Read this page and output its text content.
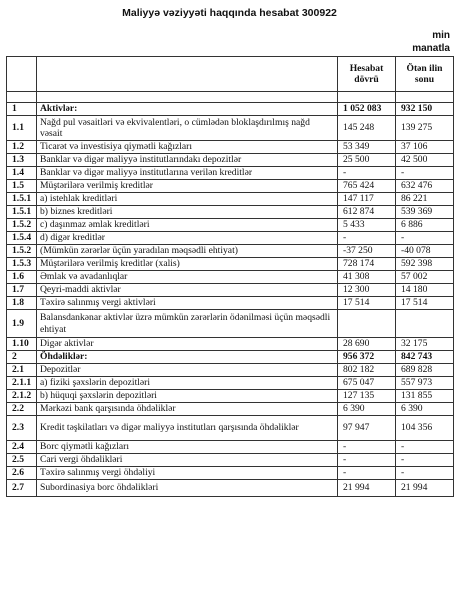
Maliyyə vəziyyəti haqqında hesabat 300922
min
manatla
		Hesabat dövrü	Ötən ilin sonu

1	Aktivlər:	1 052 083	932 150
1.1	Nağd pul vəsaitləri və ekvivalentləri, o cümlədən bloklaşdırılmış nağd vəsait	145 248	139 275
1.2	Ticarət və investisiya qiymətli kağızları	53 349	37 106
1.3	Banklar və digər maliyyə institutlarındakı depozitlər	25 500	42 500
1.4	Banklar və digər maliyyə institutlarına verilən kreditlər	-	-
1.5	Müştərilərə verilmiş kreditlər	765 424	632 476
1.5.1	a) istehlak kreditləri	147 117	86 221
1.5.1	b) biznes kreditləri	612 874	539 369
1.5.2	c) daşınmaz əmlak kreditləri	5 433	6 886
1.5.4	d) digər kreditlər	-	-
1.5.2	(Mümkün zərərlər üçün yaradılan məqsədli ehtiyat)	-37 250	-40 078
1.5.3	Müştərilərə verilmiş kreditlər (xalis)	728 174	592 398
1.6	Əmlak və avadanlıqlar	41 308	57 002
1.7	Qeyri-maddi aktivlər	12 300	14 180
1.8	Təxirə salınmış vergi aktivləri	17 514	17 514
1.9	Balansdankənar aktivlər üzrə mümkün zərərlərin ödənilməsi üçün məqsədli ehtiyat		
1.10	Digər aktivlər	28 690	32 175
2	Öhdəliklər:	956 372	842 743
2.1	Depozitlər	802 182	689 828
2.1.1	a) fiziki şəxslərin depozitləri	675 047	557 973
2.1.2	b) hüquqi şəxslərin depozitləri	127 135	131 855
2.2	Mərkəzi bank qarşısında öhdəliklər	6 390	6 390
2.3	Kredit təşkilatları və digər maliyyə institutları qarşısında öhdəliklər	97 947	104 356
2.4	Borc qiymətli kağızları	-	-
2.5	Cari vergi öhdəlikləri	-	-
2.6	Təxirə salınmış vergi öhdəliyi	-	-
2.7	Subordinasiya borc öhdəlikləri	21 994	21 994
